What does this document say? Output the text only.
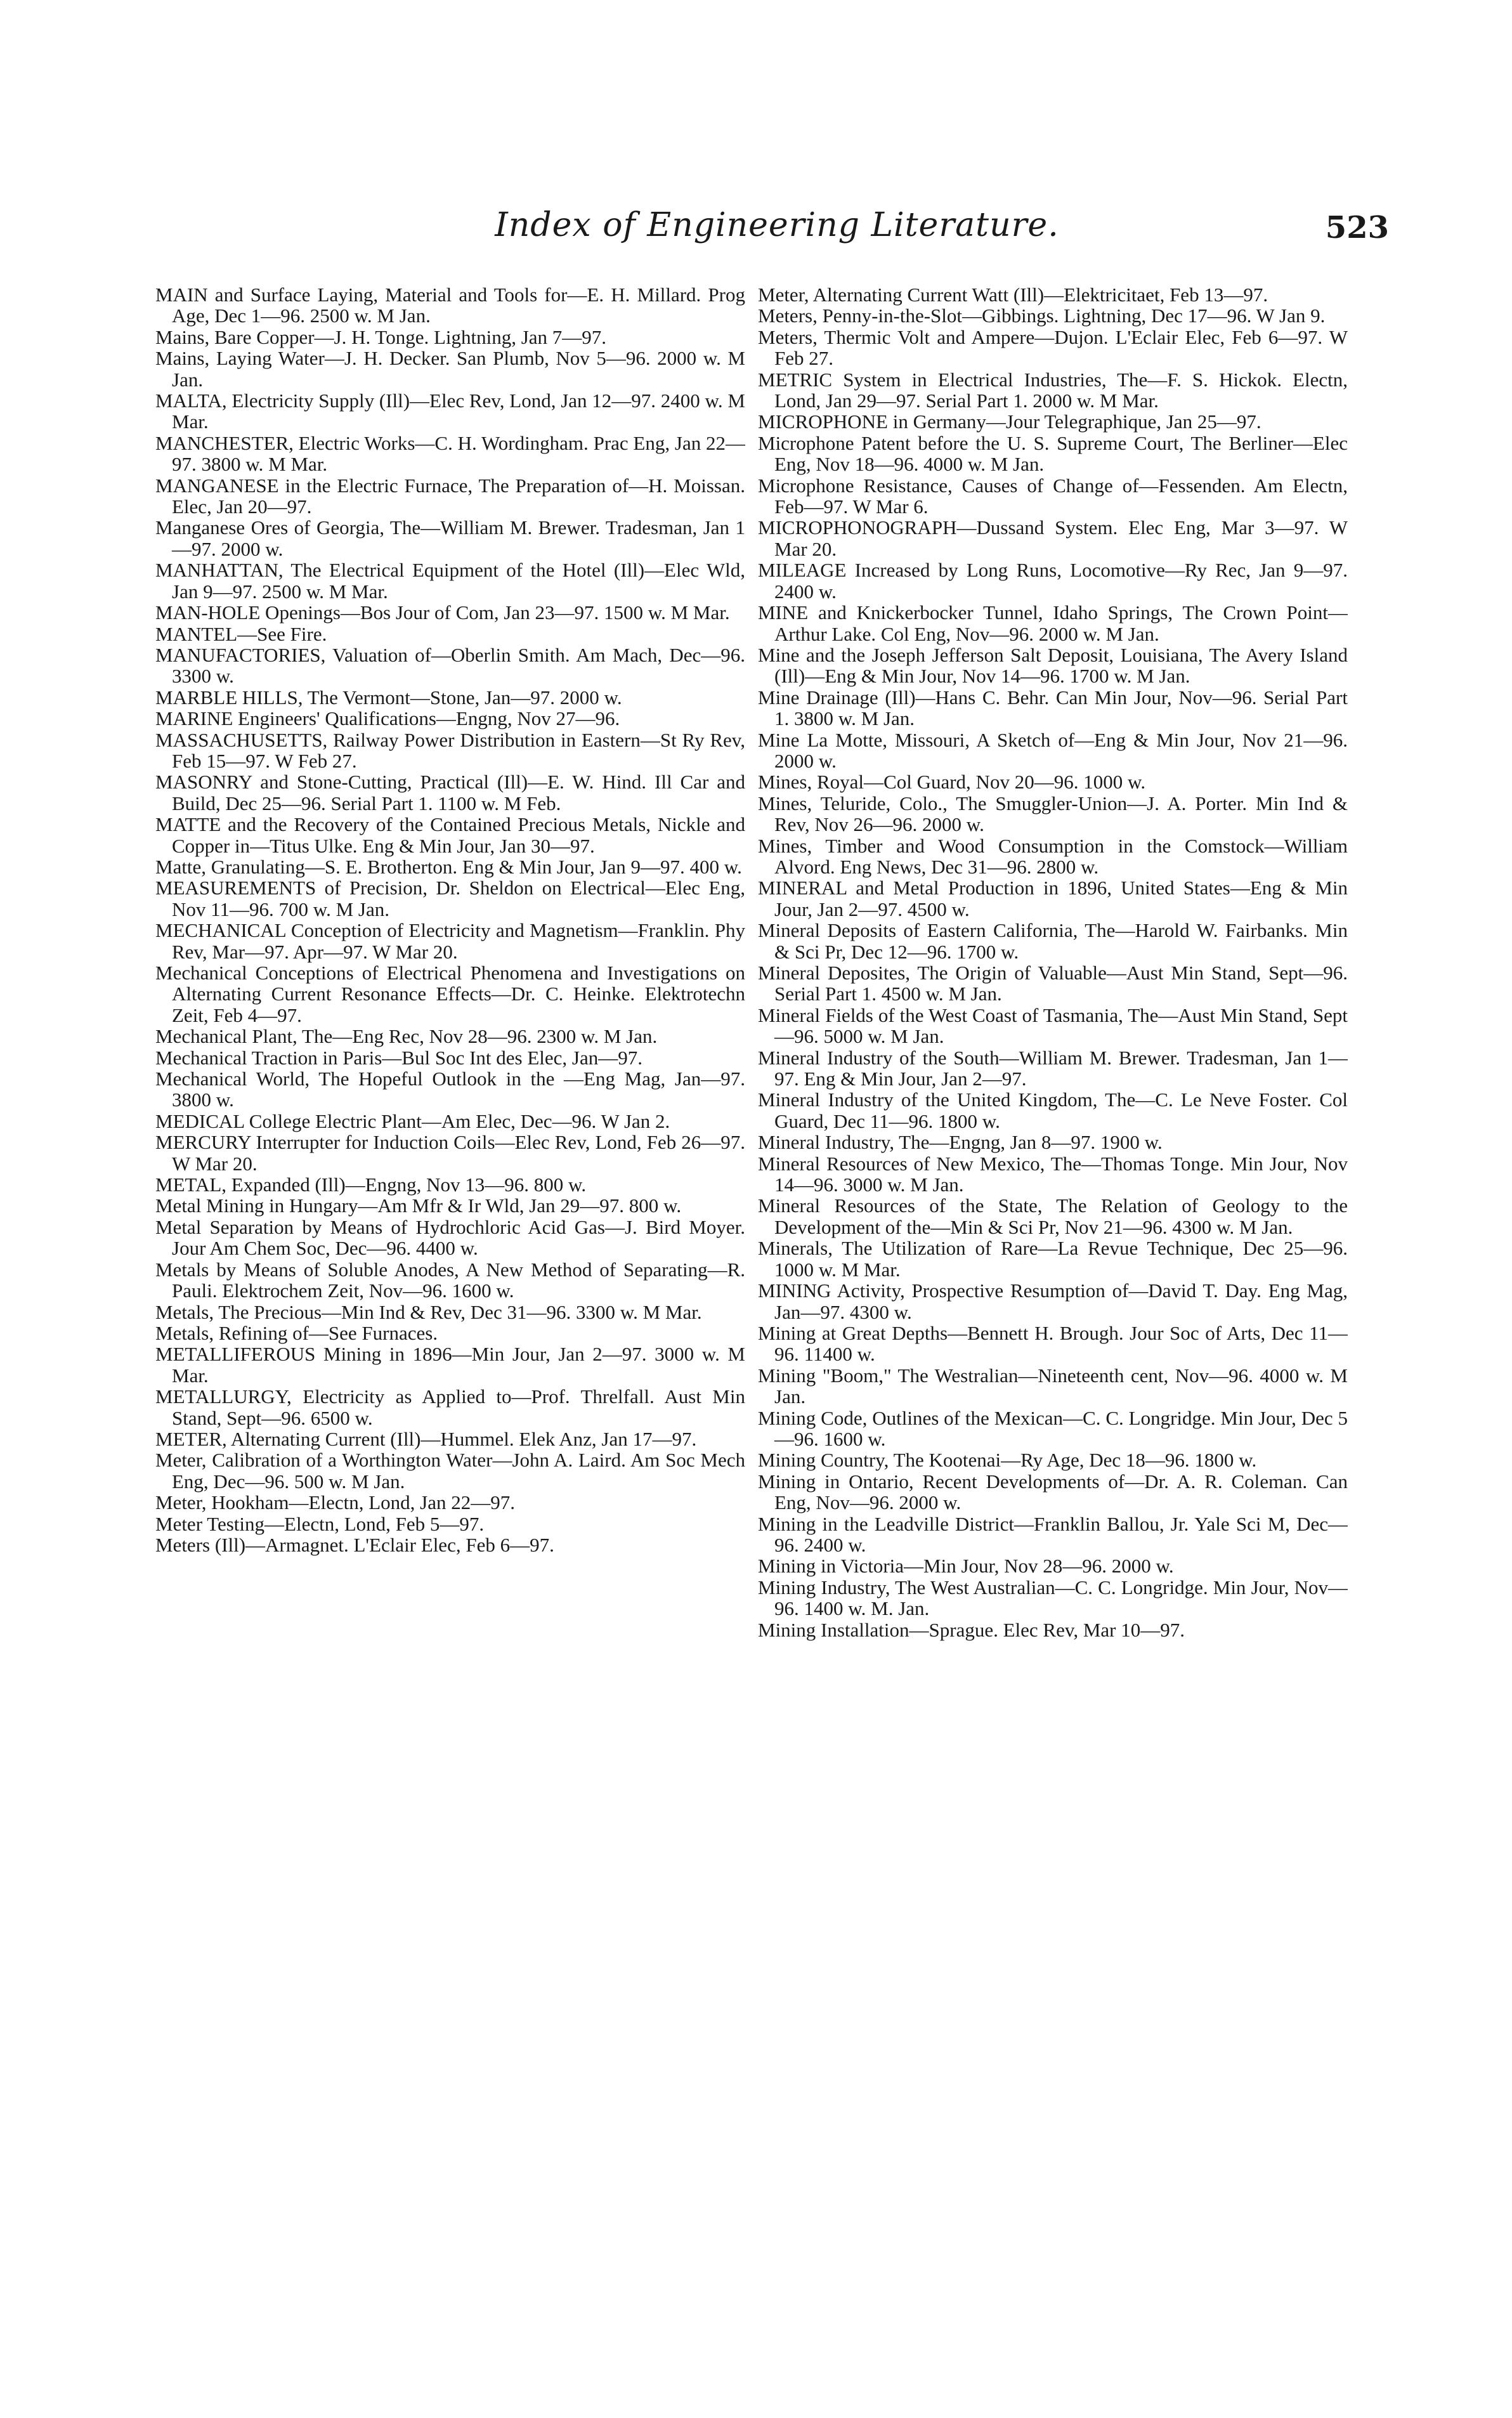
Index of Engineering Literature.	523

MAIN and Surface Laying, Material and Tools for—E. H. Millard. Prog Age, Dec 1—96. 2500 w. M Jan.

Mains, Bare Copper—J. H. Tonge. Lightning, Jan 7—97.

Mains, Laying Water—J. H. Decker. San Plumb, Nov 5—96. 2000 w. M Jan.

MALTA, Electricity Supply (Ill)—Elec Rev, Lond, Jan 12—97. 2400 w. M Mar.

MANCHESTER, Electric Works—C. H. Wordingham. Prac Eng, Jan 22—97. 3800 w. M Mar.

MANGANESE in the Electric Furnace, The Preparation of—H. Moissan. Elec, Jan 20—97.

Manganese Ores of Georgia, The—William M. Brewer. Tradesman, Jan 1—97. 2000 w.

MANHATTAN, The Electrical Equipment of the Hotel (Ill)—Elec Wld, Jan 9—97. 2500 w. M Mar.

MAN-HOLE Openings—Bos Jour of Com, Jan 23—97. 1500 w. M Mar.

MANTEL—See Fire.

MANUFACTORIES, Valuation of—Oberlin Smith. Am Mach, Dec—96. 3300 w.

MARBLE HILLS, The Vermont—Stone, Jan—97. 2000 w.

MARINE Engineers' Qualifications—Engng, Nov 27—96.

MASSACHUSETTS, Railway Power Distribution in Eastern—St Ry Rev, Feb 15—97. W Feb 27.

MASONRY and Stone-Cutting, Practical (Ill)—E. W. Hind. Ill Car and Build, Dec 25—96. Serial Part 1. 1100 w. M Feb.

MATTE and the Recovery of the Contained Precious Metals, Nickle and Copper in—Titus Ulke. Eng & Min Jour, Jan 30—97.

Matte, Granulating—S. E. Brotherton. Eng & Min Jour, Jan 9—97. 400 w.

MEASUREMENTS of Precision, Dr. Sheldon on Electrical—Elec Eng, Nov 11—96. 700 w. M Jan.

MECHANICAL Conception of Electricity and Magnetism—Franklin. Phy Rev, Mar—97. Apr—97. W Mar 20.

Mechanical Conceptions of Electrical Phenomena and Investigations on Alternating Current Resonance Effects—Dr. C. Heinke. Elektrotechn Zeit, Feb 4—97.

Mechanical Plant, The—Eng Rec, Nov 28—96. 2300 w. M Jan.

Mechanical Traction in Paris—Bul Soc Int des Elec, Jan—97.

Mechanical World, The Hopeful Outlook in the —Eng Mag, Jan—97. 3800 w.

MEDICAL College Electric Plant—Am Elec, Dec—96. W Jan 2.

MERCURY Interrupter for Induction Coils—Elec Rev, Lond, Feb 26—97. W Mar 20.

METAL, Expanded (Ill)—Engng, Nov 13—96. 800 w.

Metal Mining in Hungary—Am Mfr & Ir Wld, Jan 29—97. 800 w.

Metal Separation by Means of Hydrochloric Acid Gas—J. Bird Moyer. Jour Am Chem Soc, Dec—96. 4400 w.

Metals by Means of Soluble Anodes, A New Method of Separating—R. Pauli. Elektrochem Zeit, Nov—96. 1600 w.

Metals, The Precious—Min Ind & Rev, Dec 31—96. 3300 w. M Mar.

Metals, Refining of—See Furnaces.

METALLIFEROUS Mining in 1896—Min Jour, Jan 2—97. 3000 w. M Mar.

METALLURGY, Electricity as Applied to—Prof. Threlfall. Aust Min Stand, Sept—96. 6500 w.

METER, Alternating Current (Ill)—Hummel. Elek Anz, Jan 17—97.

Meter, Calibration of a Worthington Water—John A. Laird. Am Soc Mech Eng, Dec—96. 500 w. M Jan.

Meter, Hookham—Electn, Lond, Jan 22—97.

Meter Testing—Electn, Lond, Feb 5—97.

Meters (Ill)—Armagnet. L'Eclair Elec, Feb 6—97.

Meter, Alternating Current Watt (Ill)—Elektricitaet, Feb 13—97.

Meters, Penny-in-the-Slot—Gibbings. Lightning, Dec 17—96. W Jan 9.

Meters, Thermic Volt and Ampere—Dujon. L'Eclair Elec, Feb 6—97. W Feb 27.

METRIC System in Electrical Industries, The—F. S. Hickok. Electn, Lond, Jan 29—97. Serial Part 1. 2000 w. M Mar.

MICROPHONE in Germany—Jour Telegraphique, Jan 25—97.

Microphone Patent before the U. S. Supreme Court, The Berliner—Elec Eng, Nov 18—96. 4000 w. M Jan.

Microphone Resistance, Causes of Change of—Fessenden. Am Electn, Feb—97. W Mar 6.

MICROPHONOGRAPH—Dussand System. Elec Eng, Mar 3—97. W Mar 20.

MILEAGE Increased by Long Runs, Locomotive—Ry Rec, Jan 9—97. 2400 w.

MINE and Knickerbocker Tunnel, Idaho Springs, The Crown Point—Arthur Lake. Col Eng, Nov—96. 2000 w. M Jan.

Mine and the Joseph Jefferson Salt Deposit, Louisiana, The Avery Island (Ill)—Eng & Min Jour, Nov 14—96. 1700 w. M Jan.

Mine Drainage (Ill)—Hans C. Behr. Can Min Jour, Nov—96. Serial Part 1. 3800 w. M Jan.

Mine La Motte, Missouri, A Sketch of—Eng & Min Jour, Nov 21—96. 2000 w.

Mines, Royal—Col Guard, Nov 20—96. 1000 w.

Mines, Teluride, Colo., The Smuggler-Union—J. A. Porter. Min Ind & Rev, Nov 26—96. 2000 w.

Mines, Timber and Wood Consumption in the Comstock—William Alvord. Eng News, Dec 31—96. 2800 w.

MINERAL and Metal Production in 1896, United States—Eng & Min Jour, Jan 2—97. 4500 w.

Mineral Deposits of Eastern California, The—Harold W. Fairbanks. Min & Sci Pr, Dec 12—96. 1700 w.

Mineral Deposites, The Origin of Valuable—Aust Min Stand, Sept—96. Serial Part 1. 4500 w. M Jan.

Mineral Fields of the West Coast of Tasmania, The—Aust Min Stand, Sept—96. 5000 w. M Jan.

Mineral Industry of the South—William M. Brewer. Tradesman, Jan 1—97. Eng & Min Jour, Jan 2—97.

Mineral Industry of the United Kingdom, The—C. Le Neve Foster. Col Guard, Dec 11—96. 1800 w.

Mineral Industry, The—Engng, Jan 8—97. 1900 w.

Mineral Resources of New Mexico, The—Thomas Tonge. Min Jour, Nov 14—96. 3000 w. M Jan.

Mineral Resources of the State, The Relation of Geology to the Development of the—Min & Sci Pr, Nov 21—96. 4300 w. M Jan.

Minerals, The Utilization of Rare—La Revue Technique, Dec 25—96. 1000 w. M Mar.

MINING Activity, Prospective Resumption of—David T. Day. Eng Mag, Jan—97. 4300 w.

Mining at Great Depths—Bennett H. Brough. Jour Soc of Arts, Dec 11—96. 11400 w.

Mining "Boom," The Westralian—Nineteenth cent, Nov—96. 4000 w. M Jan.

Mining Code, Outlines of the Mexican—C. C. Longridge. Min Jour, Dec 5—96. 1600 w.

Mining Country, The Kootenai—Ry Age, Dec 18—96. 1800 w.

Mining in Ontario, Recent Developments of—Dr. A. R. Coleman. Can Eng, Nov—96. 2000 w.

Mining in the Leadville District—Franklin Ballou, Jr. Yale Sci M, Dec—96. 2400 w.

Mining in Victoria—Min Jour, Nov 28—96. 2000 w.

Mining Industry, The West Australian—C. C. Longridge. Min Jour, Nov—96. 1400 w. M. Jan.

Mining Installation—Sprague. Elec Rev, Mar 10—97.
